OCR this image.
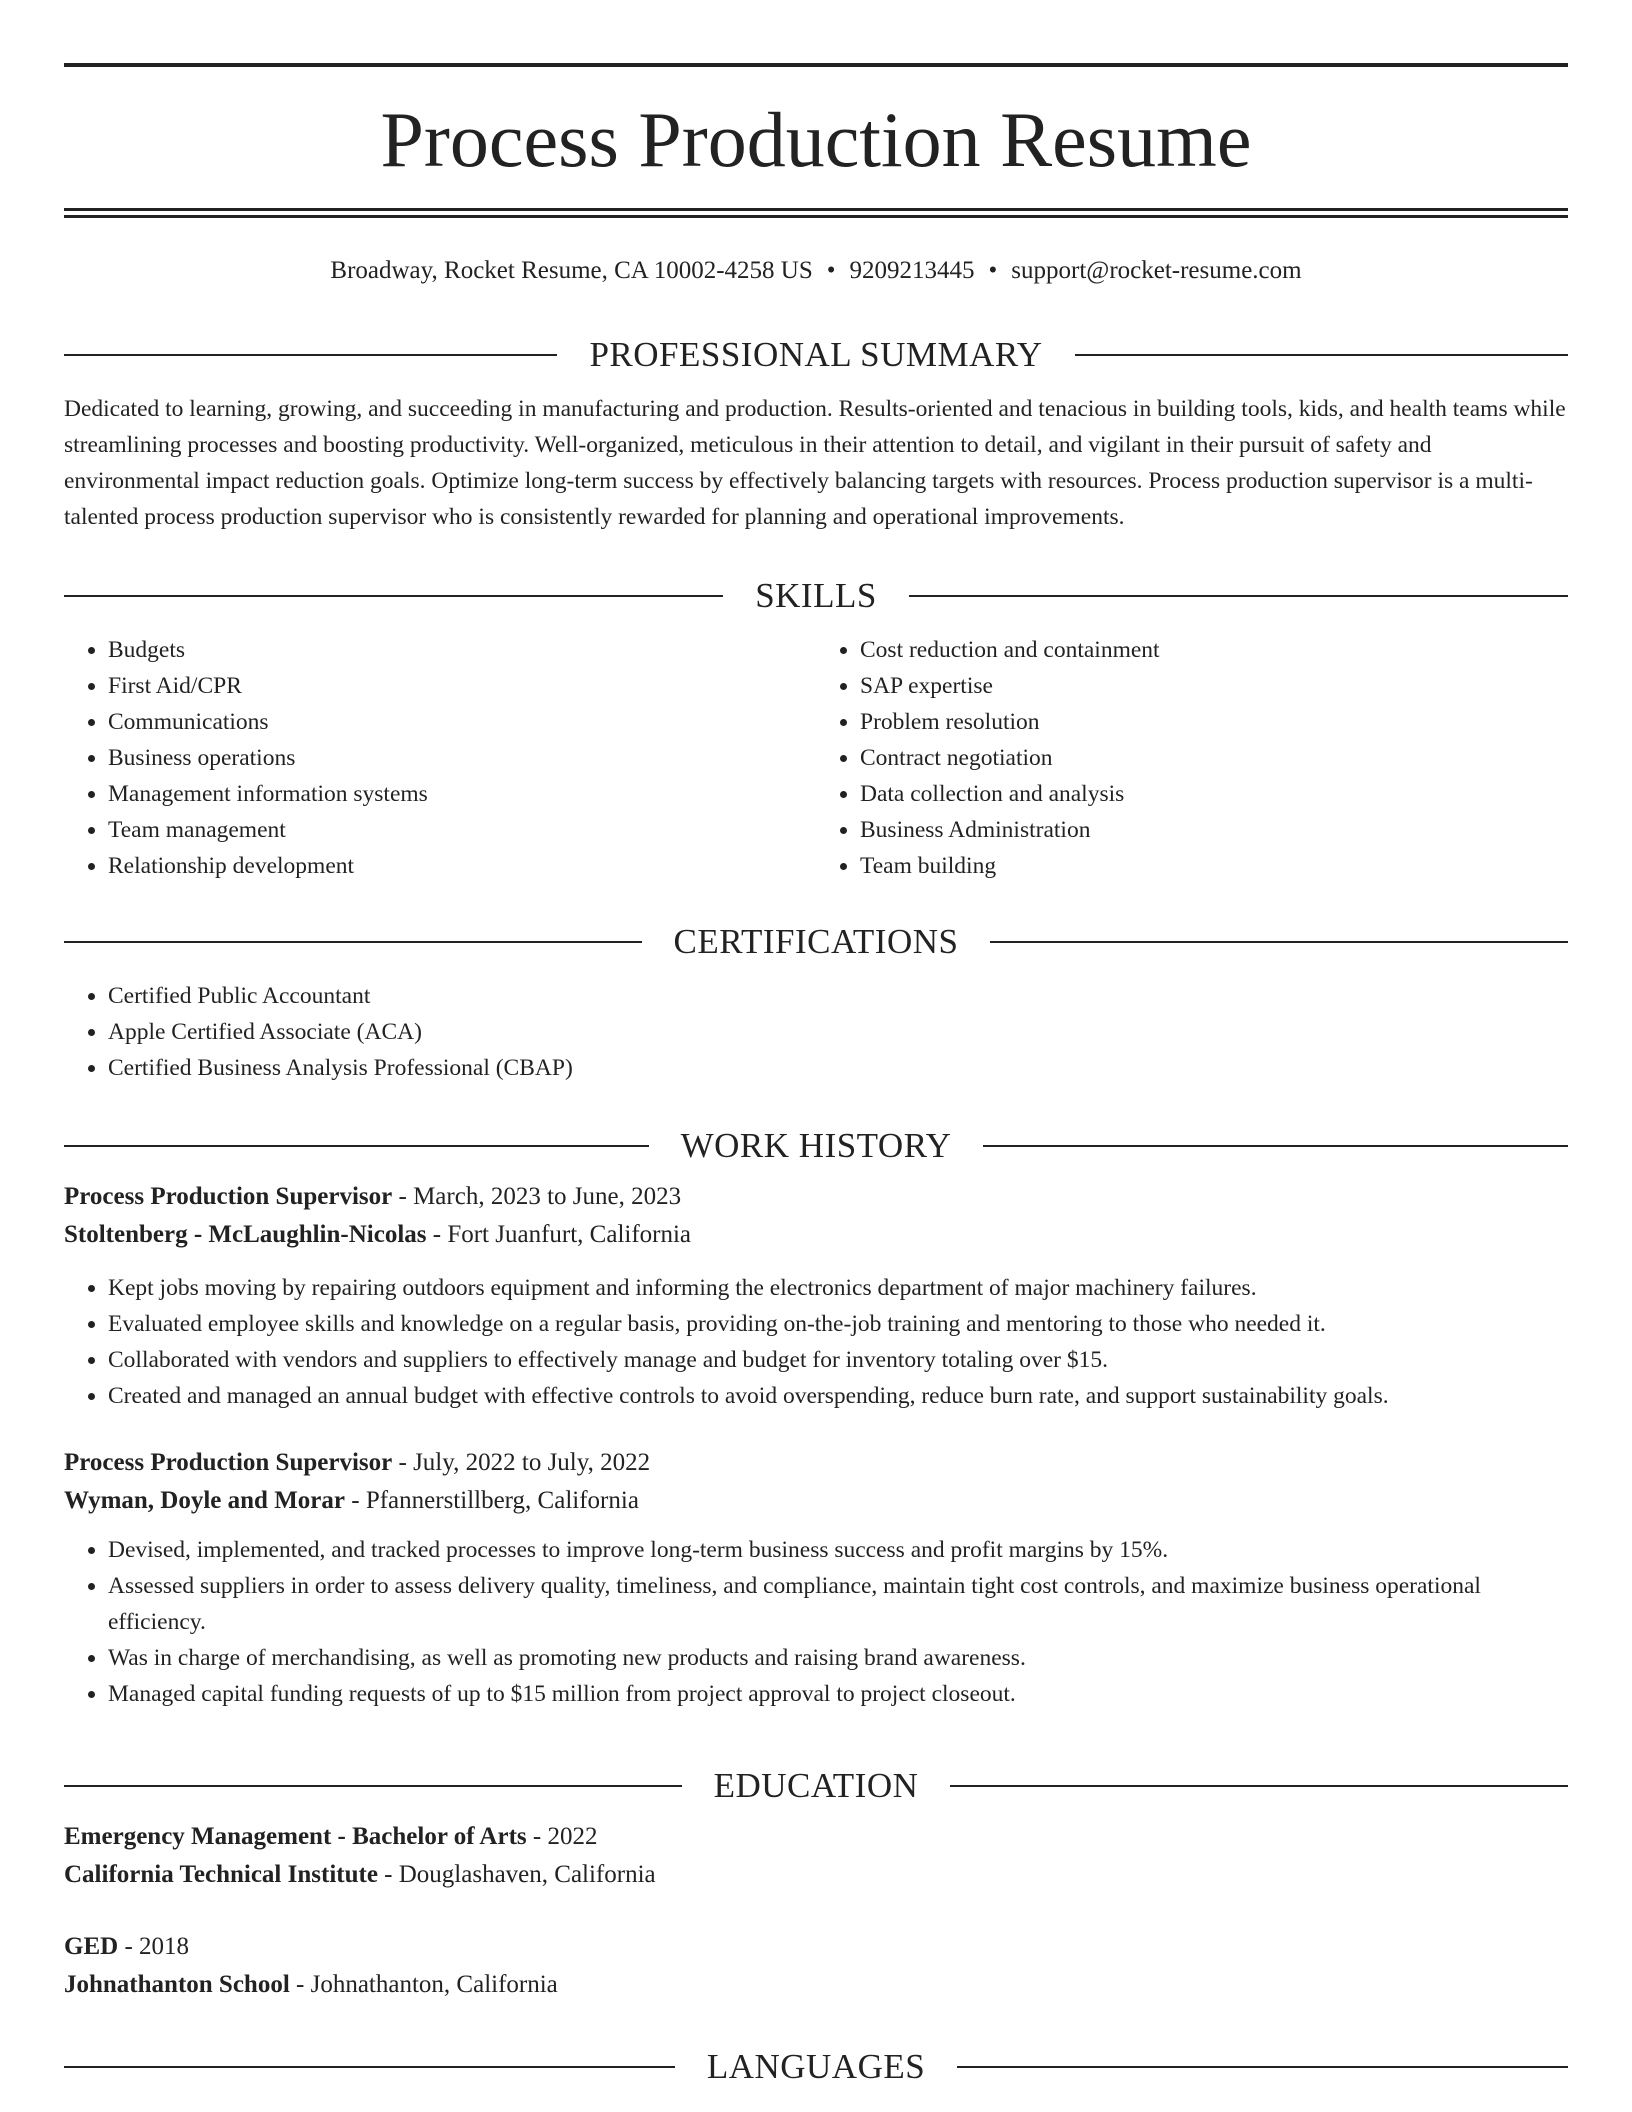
Process Production Resume
Broadway, Rocket Resume, CA 10002-4258 US • 9209213445 • support@rocket-resume.com
PROFESSIONAL SUMMARY

Dedicated to learning, growing, and succeeding in manufacturing and production. Results-oriented and tenacious in building tools, kids, and health teams while streamlining processes and boosting productivity. Well-organized, meticulous in their attention to detail, and vigilant in their pursuit of safety and environmental impact reduction goals. Optimize long-term success by effectively balancing targets with resources. Process production supervisor is a multi-talented process production supervisor who is consistently rewarded for planning and operational improvements.

SKILLS
• Budgets
• First Aid/CPR
• Communications
• Business operations
• Management information systems
• Team management
• Relationship development
• Cost reduction and containment
• SAP expertise
• Problem resolution
• Contract negotiation
• Data collection and analysis
• Business Administration
• Team building
CERTIFICATIONS
• Certified Public Accountant
• Apple Certified Associate (ACA)
• Certified Business Analysis Professional (CBAP)
WORK HISTORY
Process Production Supervisor - March, 2023 to June, 2023
Stoltenberg - McLaughlin-Nicolas - Fort Juanfurt, California
• Kept jobs moving by repairing outdoors equipment and informing the electronics department of major machinery failures.
• Evaluated employee skills and knowledge on a regular basis, providing on-the-job training and mentoring to those who needed it.
• Collaborated with vendors and suppliers to effectively manage and budget for inventory totaling over $15.
• Created and managed an annual budget with effective controls to avoid overspending, reduce burn rate, and support sustainability goals.
Process Production Supervisor - July, 2022 to July, 2022
Wyman, Doyle and Morar - Pfannerstillberg, California
• Devised, implemented, and tracked processes to improve long-term business success and profit margins by 15%.
• Assessed suppliers in order to assess delivery quality, timeliness, and compliance, maintain tight cost controls, and maximize business operational efficiency.
• Was in charge of merchandising, as well as promoting new products and raising brand awareness.
• Managed capital funding requests of up to $15 million from project approval to project closeout.
EDUCATION
Emergency Management - Bachelor of Arts - 2022
California Technical Institute - Douglashaven, California
GED - 2018
Johnathanton School - Johnathanton, California
LANGUAGES
